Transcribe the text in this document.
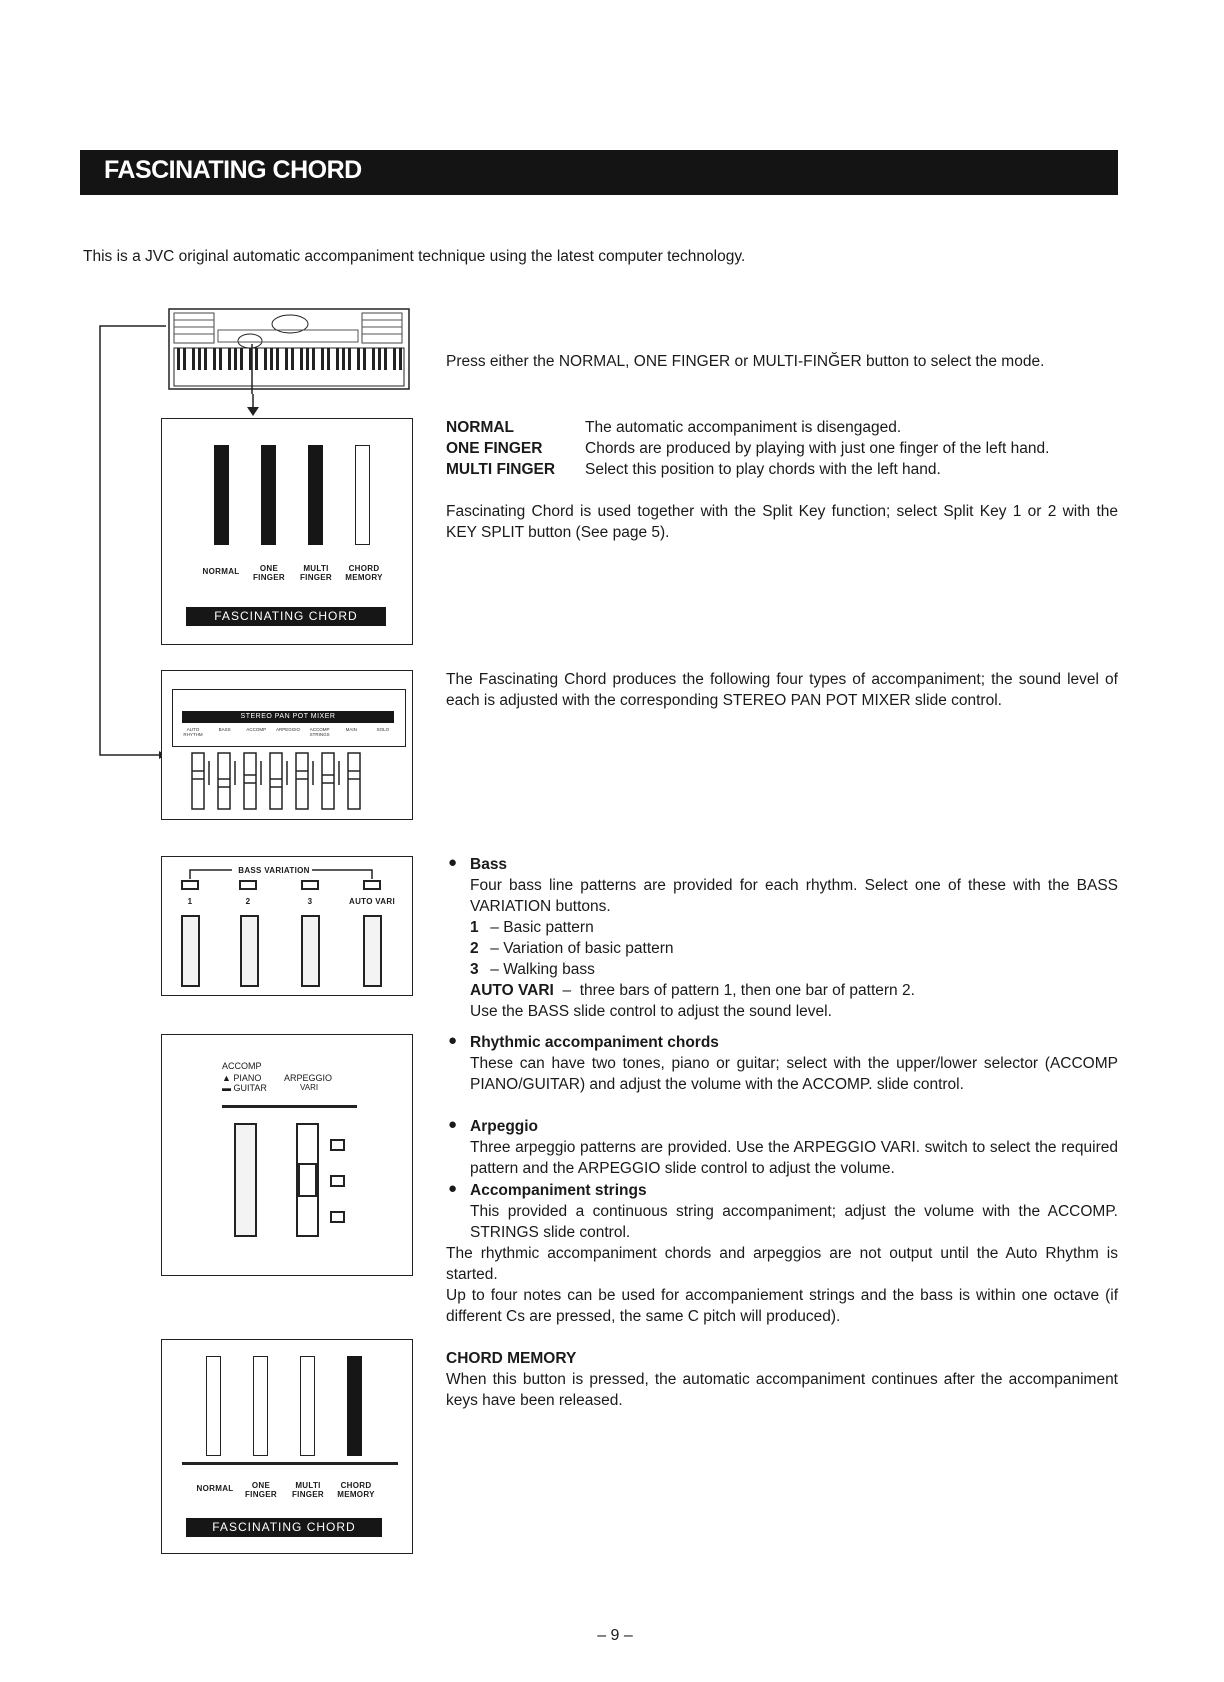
FASCINATING CHORD
This is a JVC original automatic accompaniment technique using the latest computer technology.
NORMAL	ONE FINGER
MULTI FINGER
CHORD MEMORY
FASCINATING CHORD
STEREO PAN POT MIXER
AUTO RHYTHM
BASS	ACCOMP	ARPEGGIO	ACCOMP STRINGS
MAIN	SOLO
BASS VARIATION
1	2	3	AUTO VARI
ACCOMP
▲ PIANO
▬ GUITAR
ARPEGGIO
VARI
NORMAL	ONE FINGER
MULTI FINGER
CHORD MEMORY
FASCINATING CHORD
Press either the NORMAL, ONE FINGER or MULTI-FINĞER button to select the mode.
NORMAL	The automatic accompaniment is disengaged.
ONE FINGER	Chords are produced by playing with just one finger of the left hand.
MULTI FINGER Select this position to play chords with the left hand.
Fascinating Chord is used together with the Split Key function; select Split Key 1 or 2 with the KEY SPLIT button (See page 5).
The Fascinating Chord produces the following four types of accompaniment; the sound level of each is adjusted with the corresponding STEREO PAN POT MIXER slide control.
● Bass
Four bass line patterns are provided for each rhythm. Select one of these with the BASS VARIATION buttons.
1 – Basic pattern
2 – Variation of basic pattern
3 – Walking bass
AUTO VARI  –  three bars of pattern 1, then one bar of pattern 2.
Use the BASS slide control to adjust the sound level.
● Rhythmic accompaniment chords
These can have two tones, piano or guitar; select with the upper/lower selector (ACCOMP PIANO/GUITAR) and adjust the volume with the ACCOMP. slide control.
● Arpeggio
Three arpeggio patterns are provided. Use the ARPEGGIO VARI. switch to select the required pattern and the ARPEGGIO slide control to adjust the volume.
● Accompaniment strings
This provided a continuous string accompaniment; adjust the volume with the ACCOMP. STRINGS slide control.
The rhythmic accompaniment chords and arpeggios are not output until the Auto Rhythm is started.
Up to four notes can be used for accompaniement strings and the bass is within one octave (if different Cs are pressed, the same C pitch will produced).
CHORD MEMORY
When this button is pressed, the automatic accompaniment continues after the accompaniment keys have been released.
– 9 –
